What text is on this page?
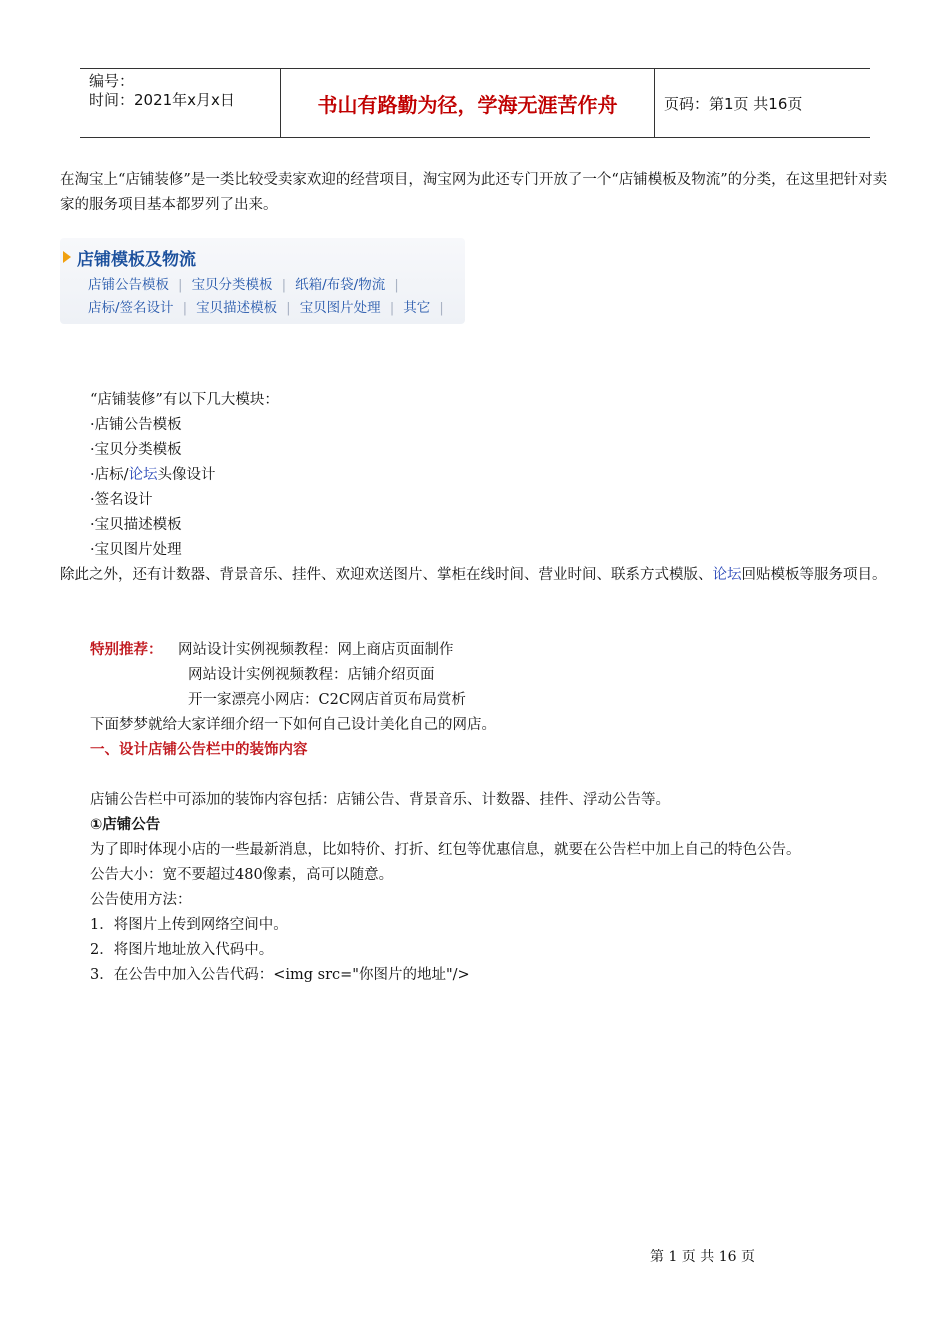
编号：
时间：2021年x月x日	书山有路勤为径，学海无涯苦作舟	页码：第1页 共16页
在淘宝上“店铺装修”是一类比较受卖家欢迎的经营项目，淘宝网为此还专门开放了一个“店铺模板及物流”的分类，在这里把针对卖家的服务项目基本都罗列了出来。
店铺模板及物流
店铺公告模板 | 宝贝分类模板 | 纸箱/布袋/物流 |
店标/签名设计 | 宝贝描述模板 | 宝贝图片处理 | 其它 |
“店铺装修”有以下几大模块：
·店铺公告模板
·宝贝分类模板
·店标/论坛头像设计
·签名设计
·宝贝描述模板
·宝贝图片处理
除此之外，还有计数器、背景音乐、挂件、欢迎欢送图片、掌柜在线时间、营业时间、联系方式模版、论坛回贴模板等服务项目。
特别推荐： 网站设计实例视频教程：网上商店页面制作
网站设计实例视频教程：店铺介绍页面
开一家漂亮小网店：C2C网店首页布局赏析
下面梦梦就给大家详细介绍一下如何自己设计美化自己的网店。
一、设计店铺公告栏中的装饰内容
店铺公告栏中可添加的装饰内容包括：店铺公告、背景音乐、计数器、挂件、浮动公告等。
①店铺公告
为了即时体现小店的一些最新消息，比如特价、打折、红包等优惠信息，就要在公告栏中加上自己的特色公告。
公告大小：宽不要超过480像素，高可以随意。
公告使用方法：
1．将图片上传到网络空间中。
2．将图片地址放入代码中。
3．在公告中加入公告代码：<img src="你图片的地址"/>
第 1 页 共 16 页
